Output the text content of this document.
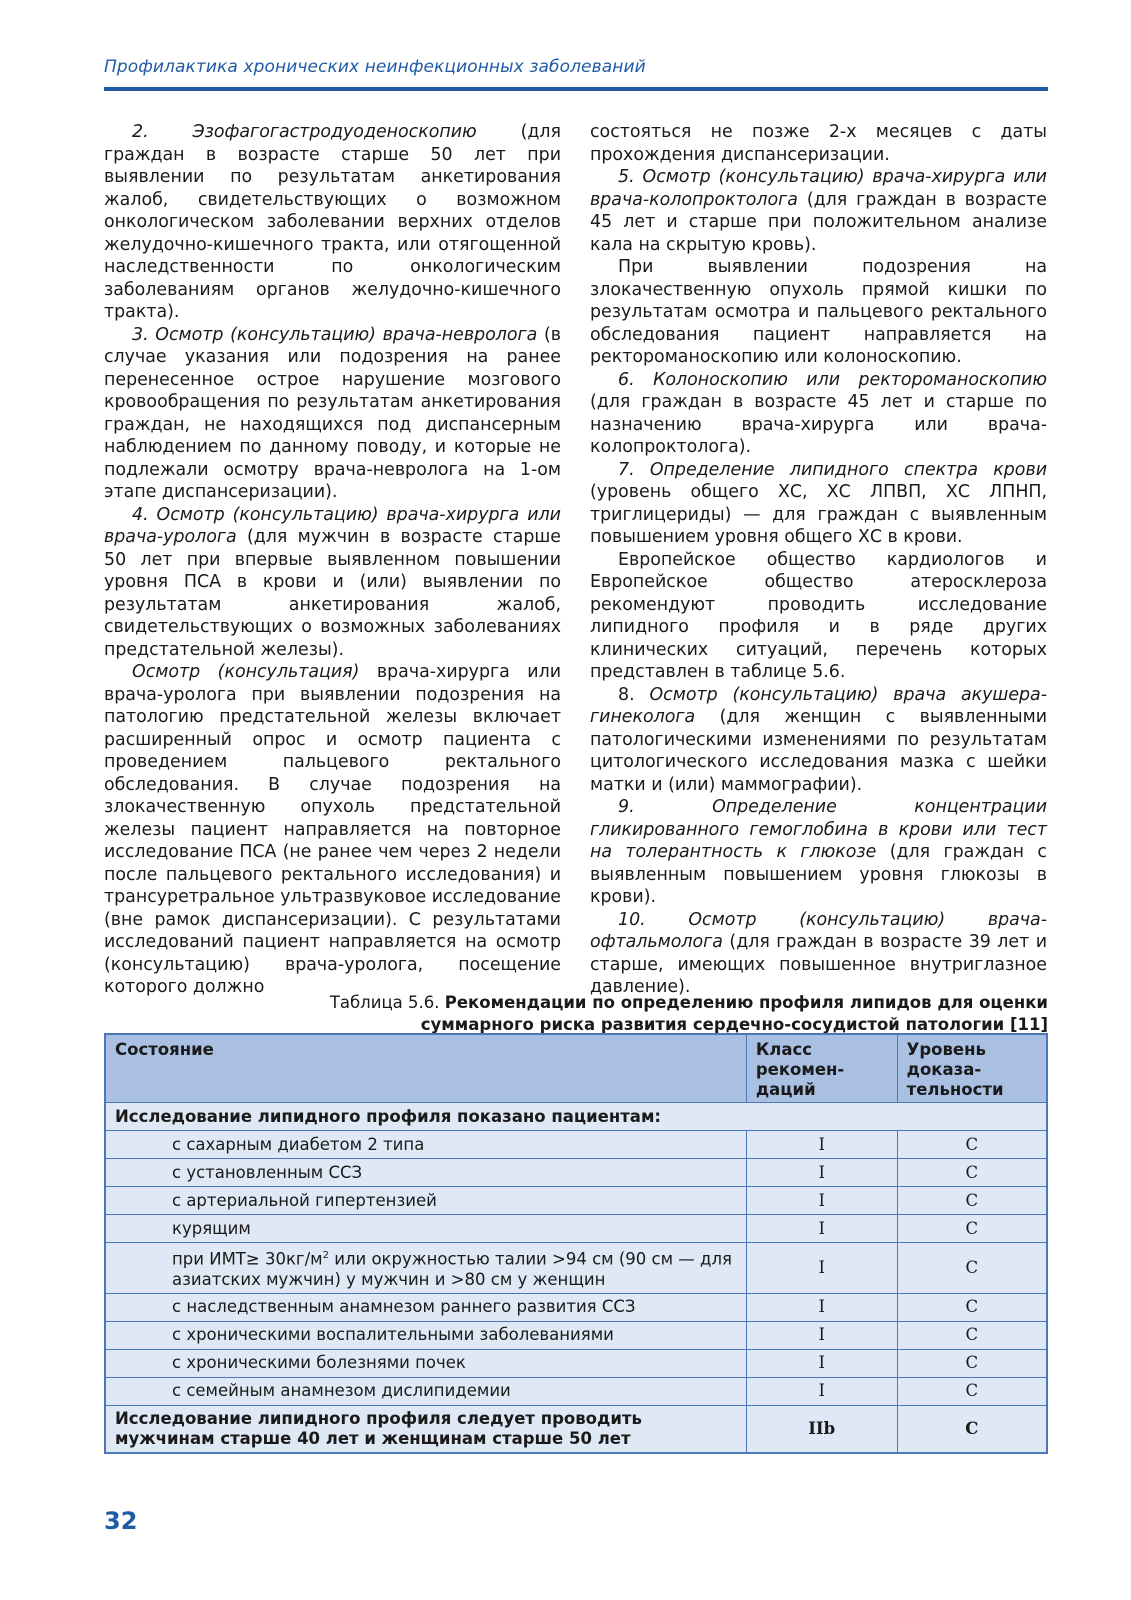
Профилактика хронических неинфекционных заболеваний

2. Эзофагогастродуоденоскопию (для граждан в возрасте старше 50 лет при выявлении по результатам анкетирования жалоб, свидетельствующих о возможном онкологическом заболевании верхних отделов желудочно-кишечного тракта, или отягощенной наследственности по онкологическим заболеваниям органов желудочно-кишечного тракта).

3. Осмотр (консультацию) врача-невролога (в случае указания или подозрения на ранее перенесенное острое нарушение мозгового кровообращения по результатам анкетирования граждан, не находящихся под диспансерным наблюдением по данному поводу, и которые не подлежали осмотру врача-невролога на 1-ом этапе диспансеризации).

4. Осмотр (консультацию) врача-хирурга или врача-уролога (для мужчин в возрасте старше 50 лет при впервые выявленном повышении уровня ПСА в крови и (или) выявлении по результатам анкетирования жалоб, свидетельствующих о возможных заболеваниях предстательной железы).

Осмотр (консультация) врача-хирурга или врача-уролога при выявлении подозрения на патологию предстательной железы включает расширенный опрос и осмотр пациента с проведением пальцевого ректального обследования. В случае подозрения на злокачественную опухоль предстательной железы пациент направляется на повторное исследование ПСА (не ранее чем через 2 недели после пальцевого ректального исследования) и трансуретральное ультразвуковое исследование (вне рамок диспансеризации). С результатами исследований пациент направляется на осмотр (консультацию) врача-уролога, посещение которого должно

состояться не позже 2-х месяцев с даты прохождения диспансеризации.

5. Осмотр (консультацию) врача-хирурга или врача-колопроктолога (для граждан в возрасте 45 лет и старше при положительном анализе кала на скрытую кровь).

При выявлении подозрения на злокачественную опухоль прямой кишки по результатам осмотра и пальцевого ректального обследования пациент направляется на ректороманоскопию или колоноскопию.

6. Колоноскопию или ректороманоскопию (для граждан в возрасте 45 лет и старше по назначению врача-хирурга или врача-колопроктолога).

7. Определение липидного спектра крови (уровень общего ХС, ХС ЛПВП, ХС ЛПНП, триглицериды) — для граждан с выявленным повышением уровня общего ХС в крови.

Европейское общество кардиологов и Европейское общество атеросклероза рекомендуют проводить исследование липидного профиля и в ряде других клинических ситуаций, перечень которых представлен в таблице 5.6.

8. Осмотр (консультацию) врача акушера-гинеколога (для женщин с выявленными патологическими изменениями по результатам цитологического исследования мазка с шейки матки и (или) маммографии).

9. Определение концентрации гликированного гемоглобина в крови или тест на толерантность к глюкозе (для граждан с выявленным повышением уровня глюкозы в крови).

10. Осмотр (консультацию) врача-офтальмолога (для граждан в возрасте 39 лет и старше, имеющих повышенное внутриглазное давление).

Таблица 5.6. Рекомендации по определению профиля липидов для оценки
суммарного риска развития сердечно-сосудистой патологии [11]
Состояние	Класс рекомен-даций	Уровень доказа-тельности
Исследование липидного профиля показано пациентам:		
с сахарным диабетом 2 типа	I	C
с установленным ССЗ	I	C
с артериальной гипертензией	I	C
курящим	I	C
при $ИМТ\ge 30кг/м^2$ или окружностью талии >94 см (90 см — для азиатских мужчин) у мужчин и >80 см у женщин	I	C
с наследственным анамнезом раннего развития ССЗ	I	C
с хроническими воспалительными заболеваниями	I	C
с хроническими болезнями почек	I	C
с семейным анамнезом дислипидемии	I	C
Исследование липидного профиля следует проводить мужчинам старше 40 лет и женщинам старше 50 лет	IIb	C
32
